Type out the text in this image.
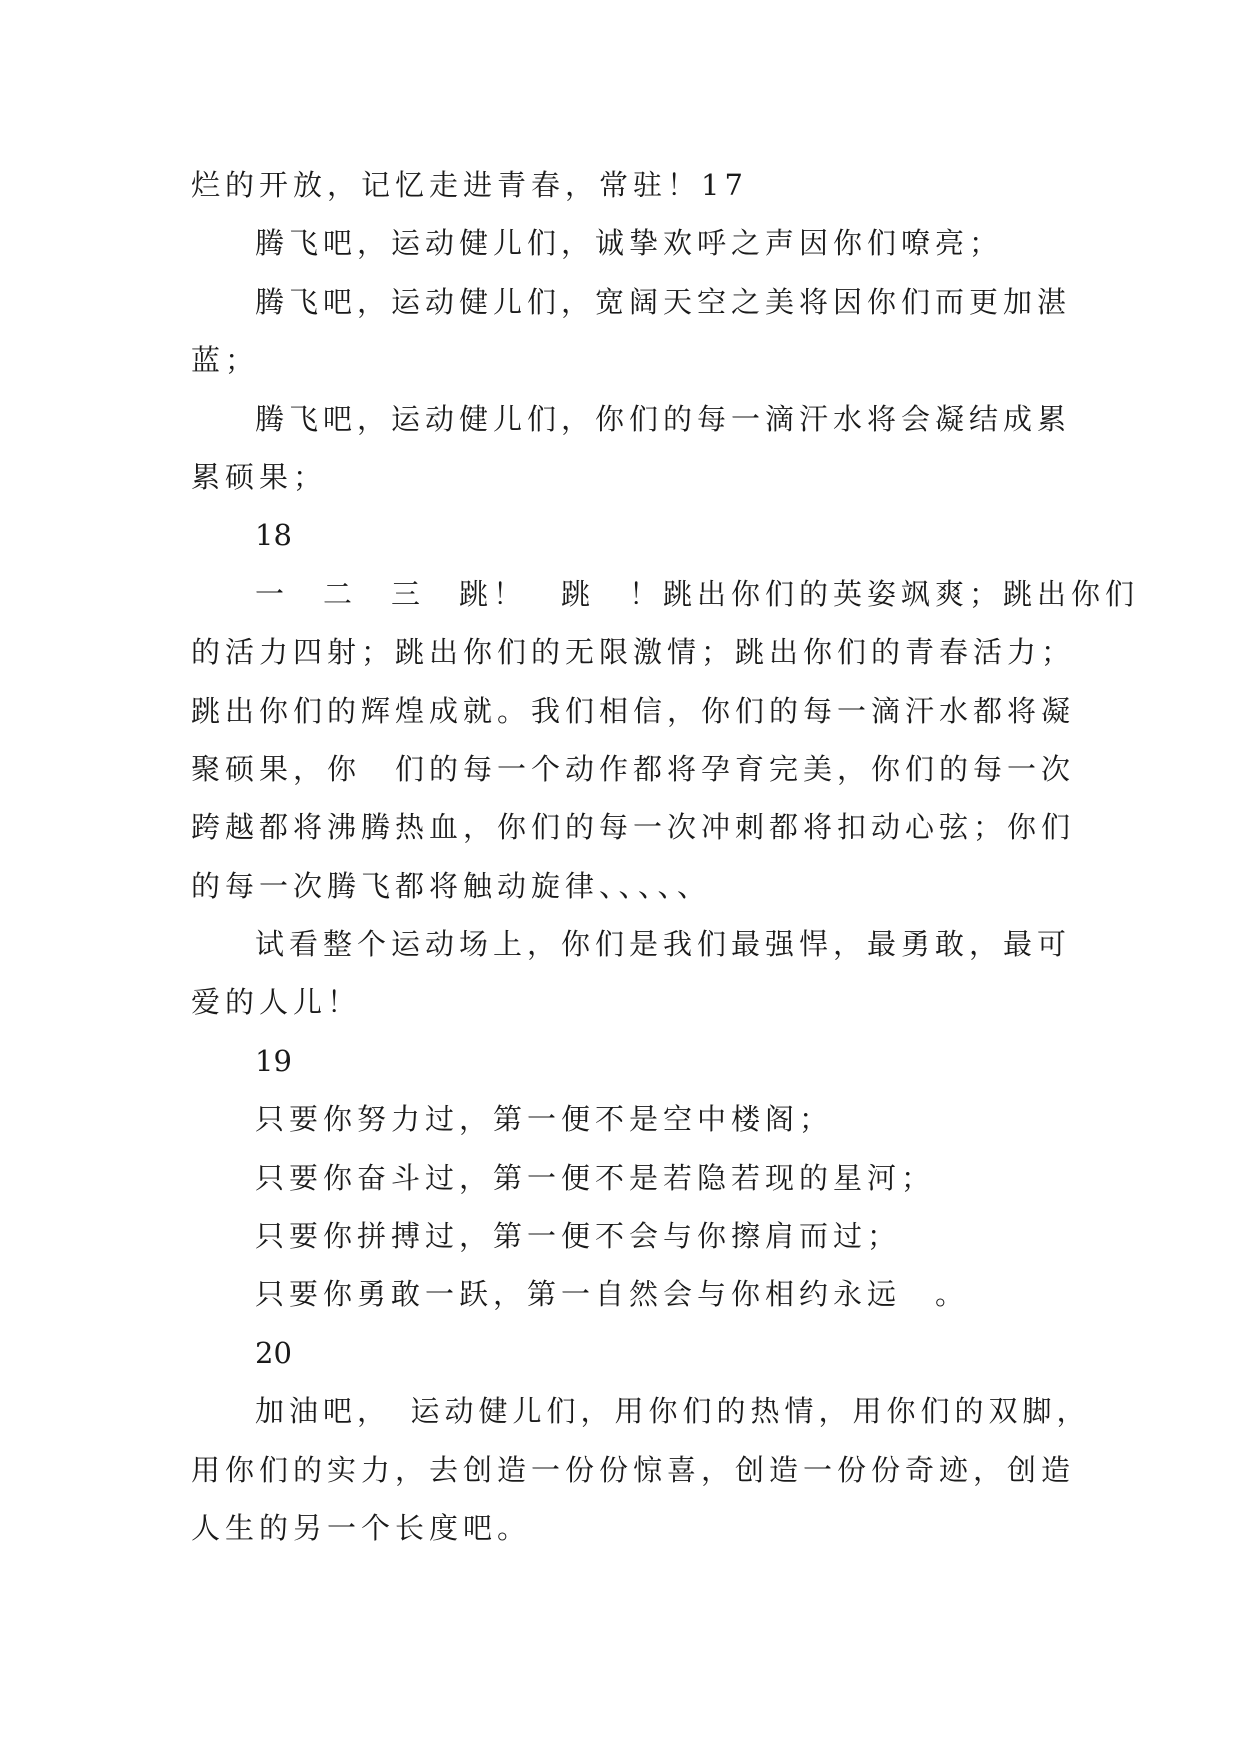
烂的开放，记忆走进青春，常驻！17

腾飞吧，运动健儿们，诚挚欢呼之声因你们嘹亮；

腾飞吧，运动健儿们，宽阔天空之美将因你们而更加湛

蓝；

腾飞吧，运动健儿们，你们的每一滴汗水将会凝结成累

累硕果；

18

一　二　三　跳！　跳　！跳出你们的英姿飒爽；跳出你们

的活力四射；跳出你们的无限激情；跳出你们的青春活力；

跳出你们的辉煌成就。我们相信，你们的每一滴汗水都将凝

聚硕果，你　们的每一个动作都将孕育完美，你们的每一次

跨越都将沸腾热血，你们的每一次冲刺都将扣动心弦；你们

的每一次腾飞都将触动旋律、、、、、

试看整个运动场上，你们是我们最强悍，最勇敢，最可

爱的人儿！

19

只要你努力过，第一便不是空中楼阁；

只要你奋斗过，第一便不是若隐若现的星河；

只要你拼搏过，第一便不会与你擦肩而过；

只要你勇敢一跃，第一自然会与你相约永远　。

20

加油吧，　运动健儿们，用你们的热情，用你们的双脚，

用你们的实力，去创造一份份惊喜，创造一份份奇迹，创造

人生的另一个长度吧。
